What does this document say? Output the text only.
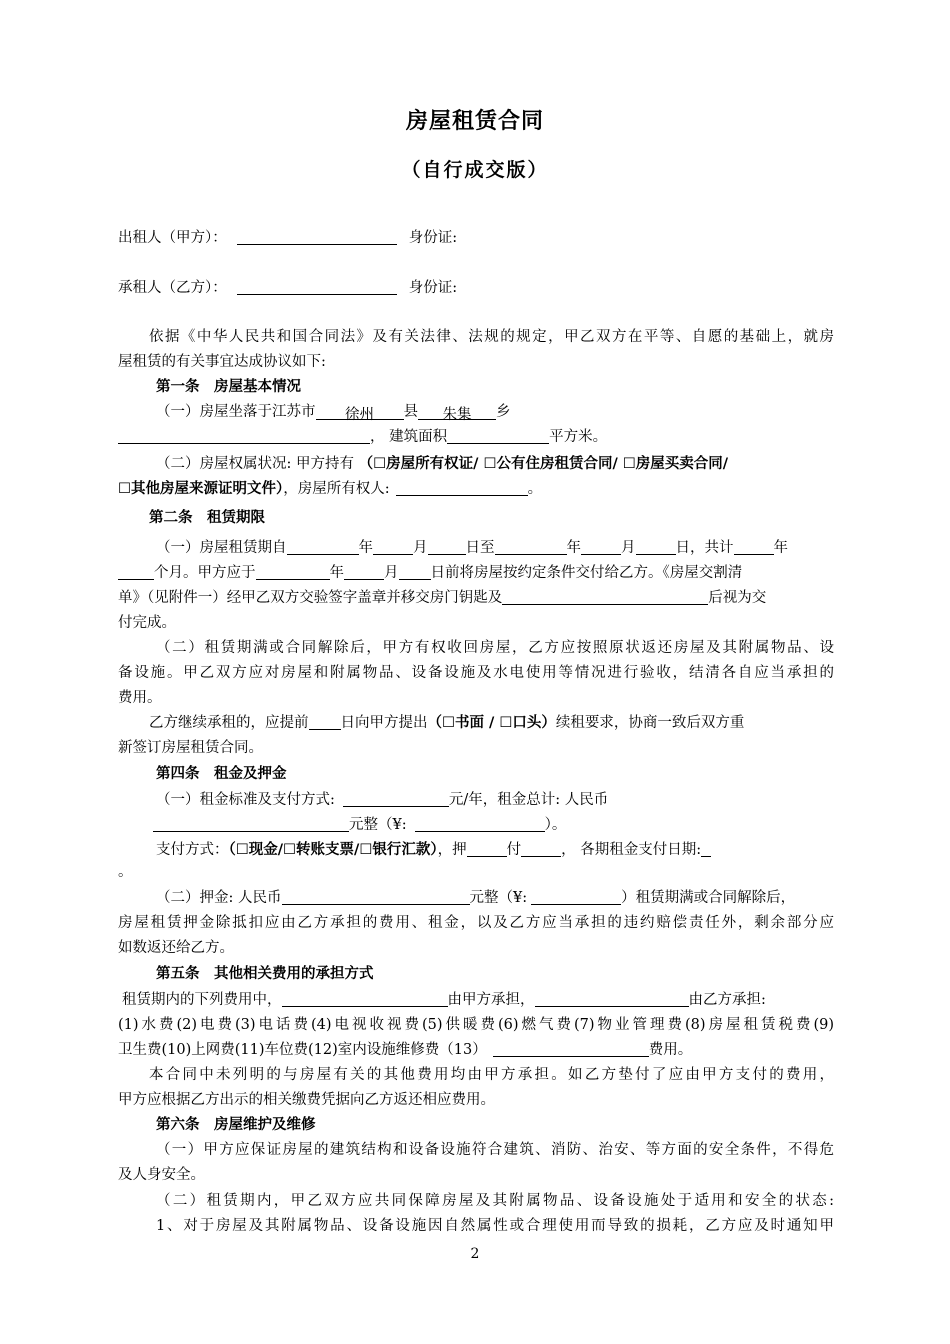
房屋租赁合同
（自行成交版）
出租人（甲方）：	身份证:
承租人（乙方）：	身份证:
依据《中华人民共和国合同法》及有关法律、法规的规定，甲乙双方在平等、自愿的基础上，就房
屋租赁的有关事宜达成协议如下:
第一条　房屋基本情况
（一）房屋坐落于江苏市 徐州 县 朱集 乡
， 建筑面积	平方米。
（二）房屋权属状况: 甲方持有 （☐房屋所有权证/ ☐公有住房租赁合同/ ☐房屋买卖合同/
☐其他房屋来源证明文件），房屋所有权人:	。
第二条　租赁期限
（一）房屋租赁期自	年	月	日至	年	月	日，共计	年
个月。甲方应于	年	月 日前将房屋按约定条件交付给乙方。《房屋交割清
单》（见附件一）经甲乙双方交验签字盖章并移交房门钥匙及	后视为交
付完成。
（二）租赁期满或合同解除后，甲方有权收回房屋，乙方应按照原状返还房屋及其附属物品、设
备设施。甲乙双方应对房屋和附属物品、设备设施及水电使用等情况进行验收，结清各自应当承担的
费用。
乙方继续承租的，应提前 日向甲方提出（☐书面 / ☐口头）续租要求，协商一致后双方重
新签订房屋租赁合同。
第四条　租金及押金
（一）租金标准及支付方式:	元/年，租金总计: 人民币
元整（¥:	）。
支付方式：（☐现金/☐转账支票/☐银行汇款），押	付	， 各期租金支付日期:
。
（二）押金: 人民币	元整（¥:	）租赁期满或合同解除后，
房屋租赁押金除抵扣应由乙方承担的费用、租金，以及乙方应当承担的违约赔偿责任外，剩余部分应
如数返还给乙方。
第五条　其他相关费用的承担方式
租赁期内的下列费用中，	由甲方承担，	由乙方承担:
(1)水费(2)电费(3)电话费(4)电视收视费(5)供暖费(6)燃气费(7)物业管理费(8)房屋租赁税费(9)
卫生费(10)上网费(11)车位费(12)室内设施维修费（13）	费用。
本合同中未列明的与房屋有关的其他费用均由甲方承担。如乙方垫付了应由甲方支付的费用，
甲方应根据乙方出示的相关缴费凭据向乙方返还相应费用。
第六条　房屋维护及维修
（一）甲方应保证房屋的建筑结构和设备设施符合建筑、消防、治安、等方面的安全条件，不得危
及人身安全。
（二）租赁期内，甲乙双方应共同保障房屋及其附属物品、设备设施处于适用和安全的状态:
1、对于房屋及其附属物品、设备设施因自然属性或合理使用而导致的损耗，乙方应及时通知甲
2
